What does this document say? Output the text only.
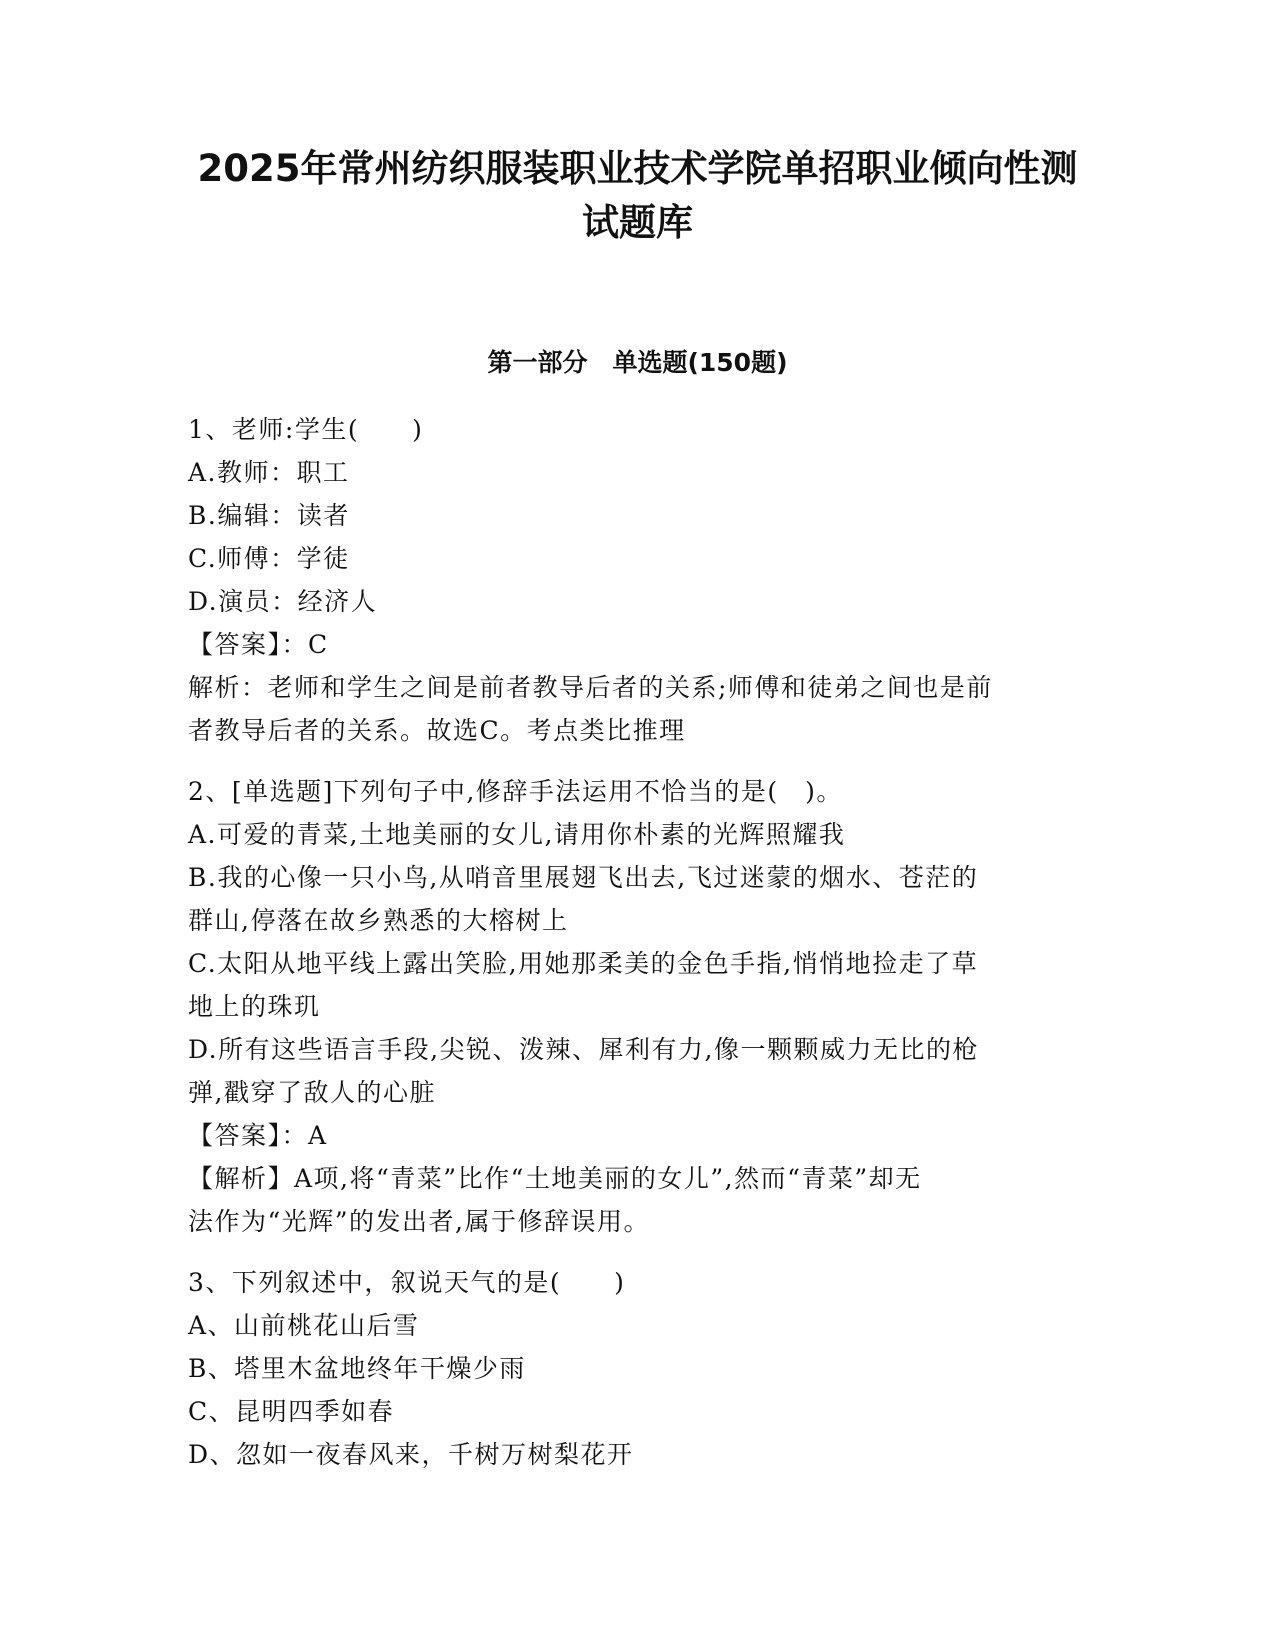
2025年常州纺织服装职业技术学院单招职业倾向性测
试题库
第一部分　单选题(150题)

1、老师:学生(　　)

A.教师：职工

B.编辑：读者

C.师傅：学徒

D.演员：经济人

【答案】：C

解析：老师和学生之间是前者教导后者的关系;师傅和徒弟之间也是前

者教导后者的关系。故选C。考点类比推理

2、[单选题]下列句子中,修辞手法运用不恰当的是(　)。

A.可爱的青菜,土地美丽的女儿,请用你朴素的光辉照耀我

B.我的心像一只小鸟,从哨音里展翅飞出去,飞过迷蒙的烟水、苍茫的

群山,停落在故乡熟悉的大榕树上

C.太阳从地平线上露出笑脸,用她那柔美的金色手指,悄悄地捡走了草

地上的珠玑

D.所有这些语言手段,尖锐、泼辣、犀利有力,像一颗颗威力无比的枪

弹,戳穿了敌人的心脏

【答案】：A

【解析】A项,将“青菜”比作“土地美丽的女儿”,然而“青菜”却无

法作为“光辉”的发出者,属于修辞误用。

3、下列叙述中，叙说天气的是(　　)

A、山前桃花山后雪

B、塔里木盆地终年干燥少雨

C、昆明四季如春

D、忽如一夜春风来，千树万树梨花开
